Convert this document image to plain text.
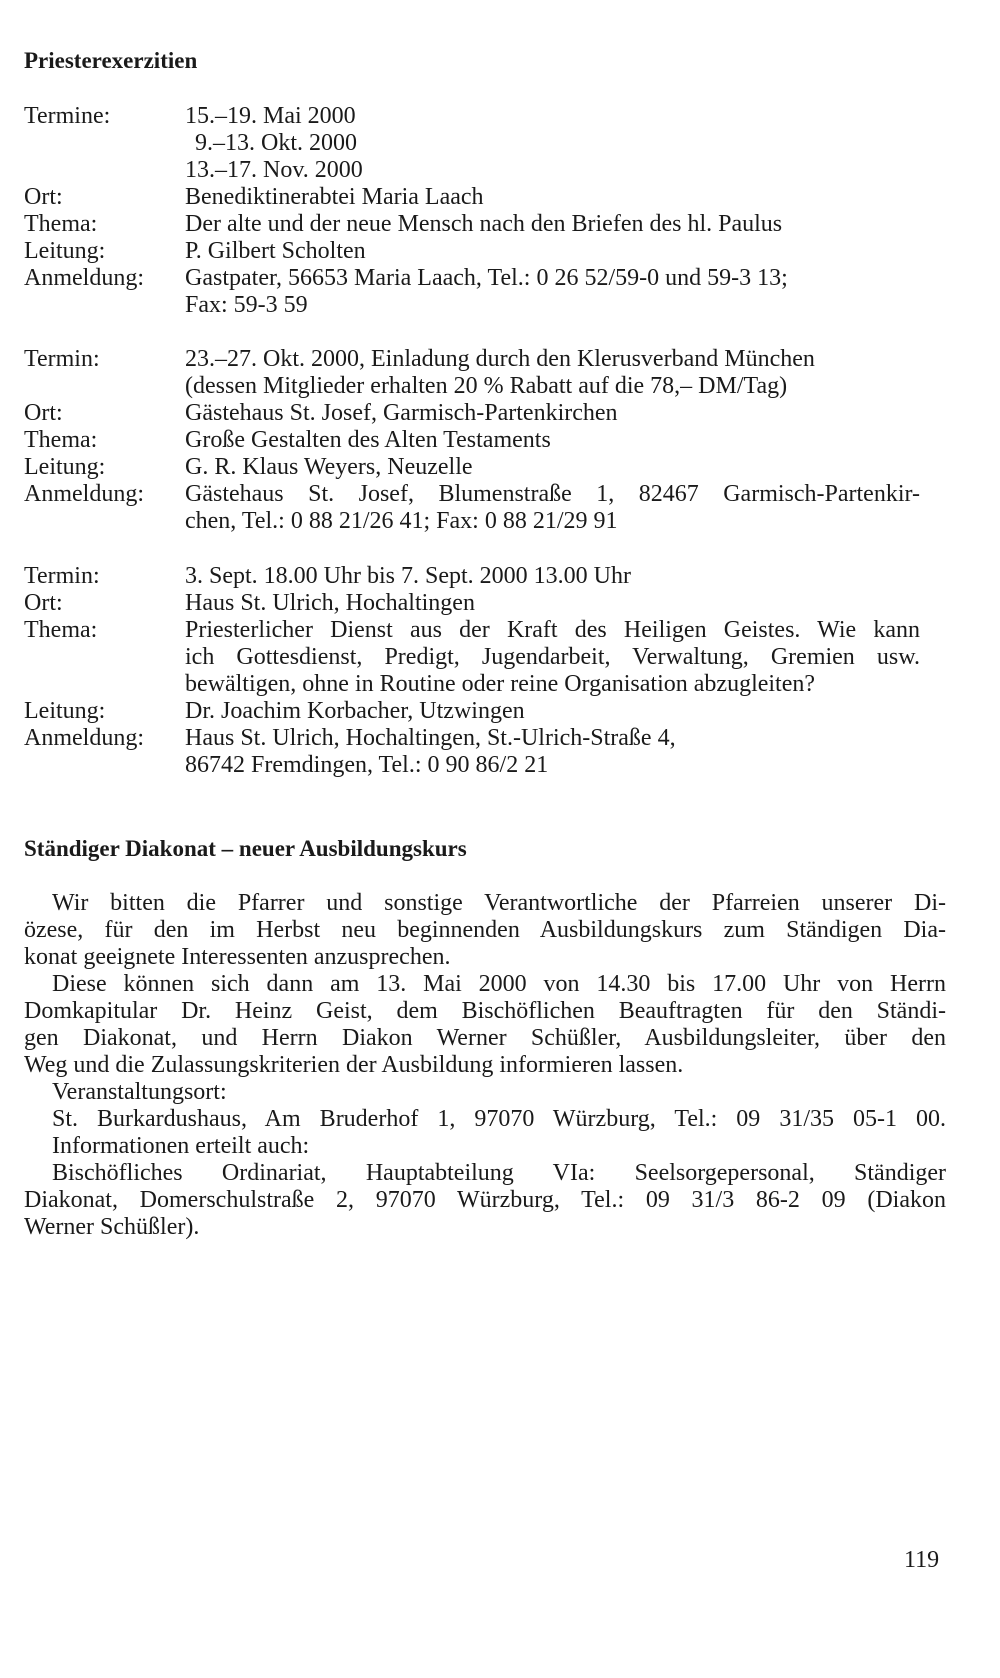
Priesterexerzitien
Termine:	15.–19. Mai 2000
9.–13. Okt. 2000
13.–17. Nov. 2000
Ort:	Benediktinerabtei Maria Laach
Thema:	Der alte und der neue Mensch nach den Briefen des hl. Paulus
Leitung:	P. Gilbert Scholten
Anmeldung: Gastpater, 56653 Maria Laach, Tel.: 0 26 52/59-0 und 59-3 13;
Fax: 59-3 59
Termin:	23.–27. Okt. 2000, Einladung durch den Klerusverband München
(dessen Mitglieder erhalten 20 % Rabatt auf die 78,– DM/Tag)
Ort:	Gästehaus St. Josef, Garmisch-Partenkirchen
Thema:	Große Gestalten des Alten Testaments
Leitung:	G. R. Klaus Weyers, Neuzelle
Anmeldung: Gästehaus St. Josef, Blumenstraße 1, 82467 Garmisch-Partenkir-
chen, Tel.: 0 88 21/26 41; Fax: 0 88 21/29 91
Termin:	3. Sept. 18.00 Uhr bis 7. Sept. 2000 13.00 Uhr
Ort:	Haus St. Ulrich, Hochaltingen
Thema:	Priesterlicher Dienst aus der Kraft des Heiligen Geistes. Wie kann
ich Gottesdienst, Predigt, Jugendarbeit, Verwaltung, Gremien usw.
bewältigen, ohne in Routine oder reine Organisation abzugleiten?
Leitung:	Dr. Joachim Korbacher, Utzwingen
Anmeldung: Haus St. Ulrich, Hochaltingen, St.-Ulrich-Straße 4,
86742 Fremdingen, Tel.: 0 90 86/2 21
Ständiger Diakonat – neuer Ausbildungskurs
Wir bitten die Pfarrer und sonstige Verantwortliche der Pfarreien unserer Di-
özese, für den im Herbst neu beginnenden Ausbildungskurs zum Ständigen Dia-
konat geeignete Interessenten anzusprechen.
Diese können sich dann am 13. Mai 2000 von 14.30 bis 17.00 Uhr von Herrn
Domkapitular Dr. Heinz Geist, dem Bischöflichen Beauftragten für den Ständi-
gen Diakonat, und Herrn Diakon Werner Schüßler, Ausbildungsleiter, über den
Weg und die Zulassungskriterien der Ausbildung informieren lassen.
Veranstaltungsort:
St. Burkardushaus, Am Bruderhof 1, 97070 Würzburg, Tel.: 09 31/35 05-1 00.
Informationen erteilt auch:
Bischöfliches Ordinariat, Hauptabteilung VIa: Seelsorgepersonal, Ständiger
Diakonat, Domerschulstraße 2, 97070 Würzburg, Tel.: 09 31/3 86-2 09 (Diakon
Werner Schüßler).
119
